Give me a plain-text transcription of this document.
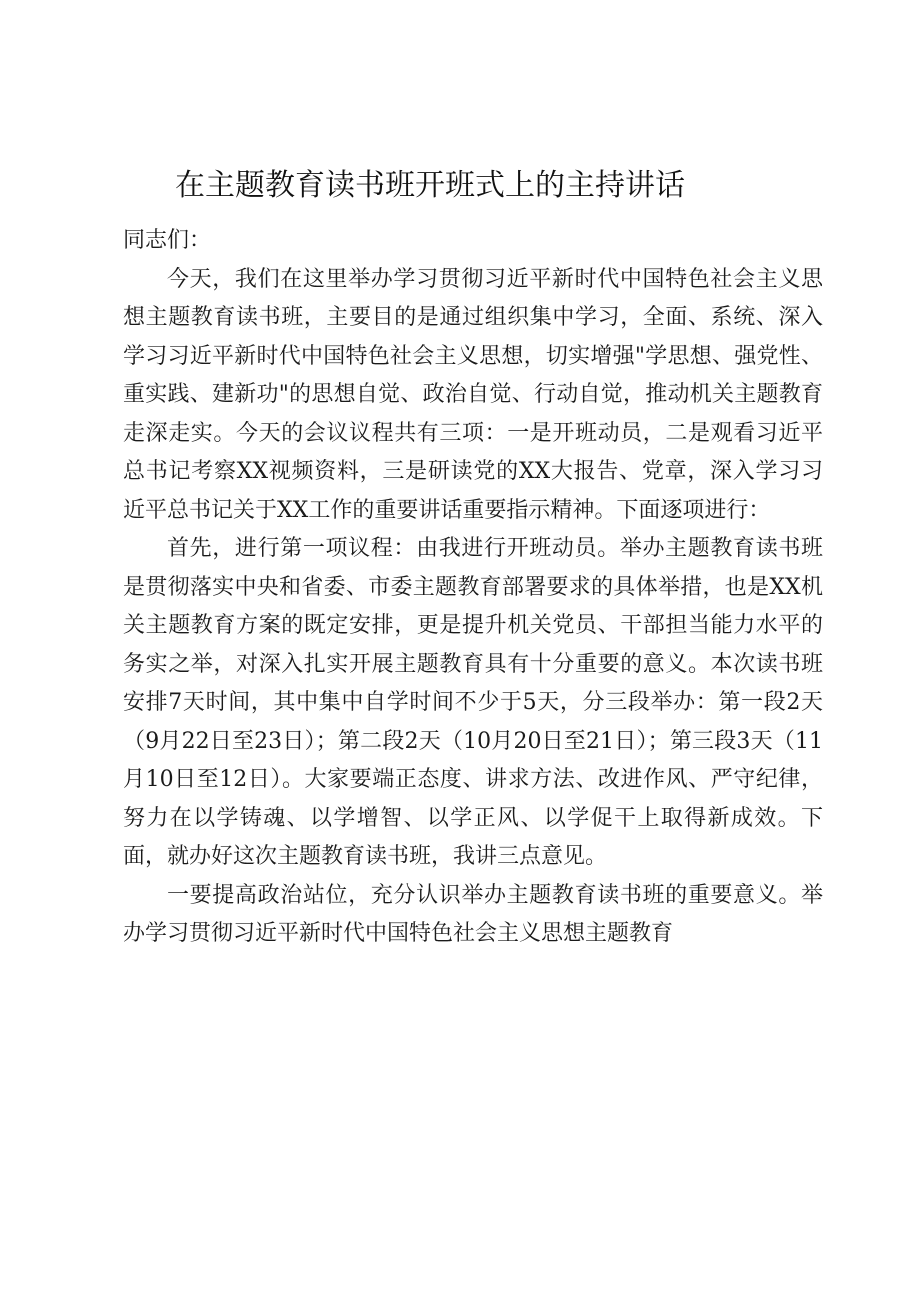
在主题教育读书班开班式上的主持讲话

同志们：

今天，我们在这里举办学习贯彻习近平新时代中国特色社会主义思想主题教育读书班，主要目的是通过组织集中学习，全面、系统、深入学习习近平新时代中国特色社会主义思想，切实增强"学思想、强党性、重实践、建新功"的思想自觉、政治自觉、行动自觉，推动机关主题教育走深走实。今天的会议议程共有三项：一是开班动员，二是观看习近平总书记考察XX视频资料，三是研读党的XX大报告、党章，深入学习习近平总书记关于XX工作的重要讲话重要指示精神。下面逐项进行：

首先，进行第一项议程：由我进行开班动员。举办主题教育读书班是贯彻落实中央和省委、市委主题教育部署要求的具体举措，也是XX机关主题教育方案的既定安排，更是提升机关党员、干部担当能力水平的务实之举，对深入扎实开展主题教育具有十分重要的意义。本次读书班安排7天时间，其中集中自学时间不少于5天，分三段举办：第一段2天（9月22日至23日）；第二段2天（10月20日至21日）；第三段3天（11月10日至12日）。大家要端正态度、讲求方法、改进作风、严守纪律，努力在以学铸魂、以学增智、以学正风、以学促干上取得新成效。下面，就办好这次主题教育读书班，我讲三点意见。

一要提高政治站位，充分认识举办主题教育读书班的重要意义。举办学习贯彻习近平新时代中国特色社会主义思想主题教育
